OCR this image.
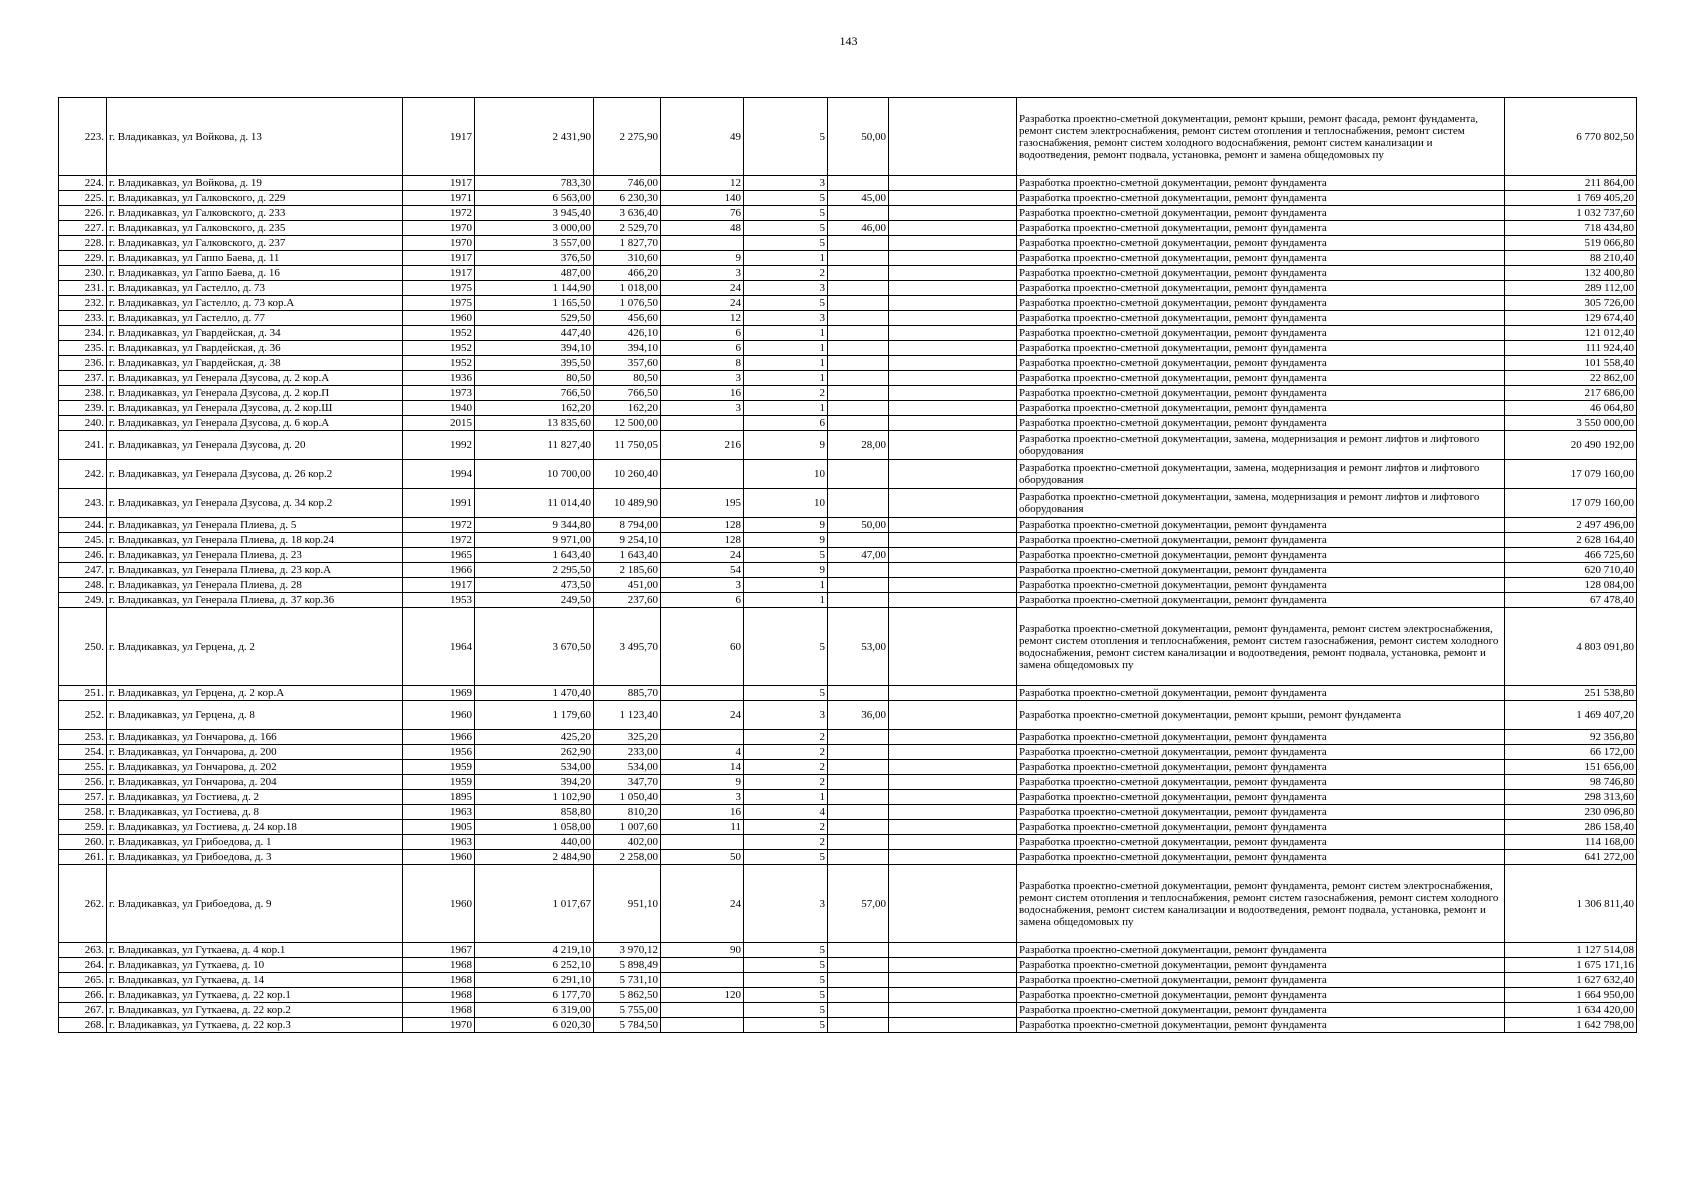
143
223.	г. Владикавказ, ул Войкова, д. 13	1917	2 431,90	2 275,90	49	5	50,00		Разработка проектно-сметной документации, ремонт крыши, ремонт фасада, ремонт фундамента, ремонт систем электроснабжения, ремонт систем отопления и теплоснабжения, ремонт систем газоснабжения, ремонт систем холодного водоснабжения, ремонт систем канализации и водоотведения, ремонт подвала, установка, ремонт и замена общедомовых пу	6 770 802,50
224.	г. Владикавказ, ул Войкова, д. 19	1917	783,30	746,00	12	3			Разработка проектно-сметной документации, ремонт фундамента	211 864,00
225.	г. Владикавказ, ул Галковского, д. 229	1971	6 563,00	6 230,30	140	5	45,00		Разработка проектно-сметной документации, ремонт фундамента	1 769 405,20
226.	г. Владикавказ, ул Галковского, д. 233	1972	3 945,40	3 636,40	76	5			Разработка проектно-сметной документации, ремонт фундамента	1 032 737,60
227.	г. Владикавказ, ул Галковского, д. 235	1970	3 000,00	2 529,70	48	5	46,00		Разработка проектно-сметной документации, ремонт фундамента	718 434,80
228.	г. Владикавказ, ул Галковского, д. 237	1970	3 557,00	1 827,70		5			Разработка проектно-сметной документации, ремонт фундамента	519 066,80
229.	г. Владикавказ, ул Гаппо Баева, д. 11	1917	376,50	310,60	9	1			Разработка проектно-сметной документации, ремонт фундамента	88 210,40
230.	г. Владикавказ, ул Гаппо Баева, д. 16	1917	487,00	466,20	3	2			Разработка проектно-сметной документации, ремонт фундамента	132 400,80
231.	г. Владикавказ, ул Гастелло, д. 73	1975	1 144,90	1 018,00	24	3			Разработка проектно-сметной документации, ремонт фундамента	289 112,00
232.	г. Владикавказ, ул Гастелло, д. 73 кор.А	1975	1 165,50	1 076,50	24	5			Разработка проектно-сметной документации, ремонт фундамента	305 726,00
233.	г. Владикавказ, ул Гастелло, д. 77	1960	529,50	456,60	12	3			Разработка проектно-сметной документации, ремонт фундамента	129 674,40
234.	г. Владикавказ, ул Гвардейская, д. 34	1952	447,40	426,10	6	1			Разработка проектно-сметной документации, ремонт фундамента	121 012,40
235.	г. Владикавказ, ул Гвардейская, д. 36	1952	394,10	394,10	6	1			Разработка проектно-сметной документации, ремонт фундамента	111 924,40
236.	г. Владикавказ, ул Гвардейская, д. 38	1952	395,50	357,60	8	1			Разработка проектно-сметной документации, ремонт фундамента	101 558,40
237.	г. Владикавказ, ул Генерала Дзусова, д. 2 кор.А	1936	80,50	80,50	3	1			Разработка проектно-сметной документации, ремонт фундамента	22 862,00
238.	г. Владикавказ, ул Генерала Дзусова, д. 2 кор.П	1973	766,50	766,50	16	2			Разработка проектно-сметной документации, ремонт фундамента	217 686,00
239.	г. Владикавказ, ул Генерала Дзусова, д. 2 кор.Ш	1940	162,20	162,20	3	1			Разработка проектно-сметной документации, ремонт фундамента	46 064,80
240.	г. Владикавказ, ул Генерала Дзусова, д. 6 кор.А	2015	13 835,60	12 500,00		6			Разработка проектно-сметной документации, ремонт фундамента	3 550 000,00
241.	г. Владикавказ, ул Генерала Дзусова, д. 20	1992	11 827,40	11 750,05	216	9	28,00		Разработка проектно-сметной документации, замена, модернизация и ремонт лифтов и лифтового оборудования	20 490 192,00
242.	г. Владикавказ, ул Генерала Дзусова, д. 26 кор.2	1994	10 700,00	10 260,40		10			Разработка проектно-сметной документации, замена, модернизация и ремонт лифтов и лифтового оборудования	17 079 160,00
243.	г. Владикавказ, ул Генерала Дзусова, д. 34 кор.2	1991	11 014,40	10 489,90	195	10			Разработка проектно-сметной документации, замена, модернизация и ремонт лифтов и лифтового оборудования	17 079 160,00
244.	г. Владикавказ, ул Генерала Плиева, д. 5	1972	9 344,80	8 794,00	128	9	50,00		Разработка проектно-сметной документации, ремонт фундамента	2 497 496,00
245.	г. Владикавказ, ул Генерала Плиева, д. 18 кор.24	1972	9 971,00	9 254,10	128	9			Разработка проектно-сметной документации, ремонт фундамента	2 628 164,40
246.	г. Владикавказ, ул Генерала Плиева, д. 23	1965	1 643,40	1 643,40	24	5	47,00		Разработка проектно-сметной документации, ремонт фундамента	466 725,60
247.	г. Владикавказ, ул Генерала Плиева, д. 23 кор.А	1966	2 295,50	2 185,60	54	9			Разработка проектно-сметной документации, ремонт фундамента	620 710,40
248.	г. Владикавказ, ул Генерала Плиева, д. 28	1917	473,50	451,00	3	1			Разработка проектно-сметной документации, ремонт фундамента	128 084,00
249.	г. Владикавказ, ул Генерала Плиева, д. 37 кор.36	1953	249,50	237,60	6	1			Разработка проектно-сметной документации, ремонт фундамента	67 478,40
250.	г. Владикавказ, ул Герцена, д. 2	1964	3 670,50	3 495,70	60	5	53,00		Разработка проектно-сметной документации, ремонт фундамента, ремонт систем электроснабжения, ремонт систем отопления и теплоснабжения, ремонт систем газоснабжения, ремонт систем холодного водоснабжения, ремонт систем канализации и водоотведения, ремонт подвала, установка, ремонт и замена общедомовых пу	4 803 091,80
251.	г. Владикавказ, ул Герцена, д. 2 кор.А	1969	1 470,40	885,70		5			Разработка проектно-сметной документации, ремонт фундамента	251 538,80
252.	г. Владикавказ, ул Герцена, д. 8	1960	1 179,60	1 123,40	24	3	36,00		Разработка проектно-сметной документации, ремонт крыши, ремонт фундамента	1 469 407,20
253.	г. Владикавказ, ул Гончарова, д. 166	1966	425,20	325,20		2			Разработка проектно-сметной документации, ремонт фундамента	92 356,80
254.	г. Владикавказ, ул Гончарова, д. 200	1956	262,90	233,00	4	2			Разработка проектно-сметной документации, ремонт фундамента	66 172,00
255.	г. Владикавказ, ул Гончарова, д. 202	1959	534,00	534,00	14	2			Разработка проектно-сметной документации, ремонт фундамента	151 656,00
256.	г. Владикавказ, ул Гончарова, д. 204	1959	394,20	347,70	9	2			Разработка проектно-сметной документации, ремонт фундамента	98 746,80
257.	г. Владикавказ, ул Гостиева, д. 2	1895	1 102,90	1 050,40	3	1			Разработка проектно-сметной документации, ремонт фундамента	298 313,60
258.	г. Владикавказ, ул Гостиева, д. 8	1963	858,80	810,20	16	4			Разработка проектно-сметной документации, ремонт фундамента	230 096,80
259.	г. Владикавказ, ул Гостиева, д. 24 кор.18	1905	1 058,00	1 007,60	11	2			Разработка проектно-сметной документации, ремонт фундамента	286 158,40
260.	г. Владикавказ, ул Грибоедова, д. 1	1963	440,00	402,00		2			Разработка проектно-сметной документации, ремонт фундамента	114 168,00
261.	г. Владикавказ, ул Грибоедова, д. 3	1960	2 484,90	2 258,00	50	5			Разработка проектно-сметной документации, ремонт фундамента	641 272,00
262.	г. Владикавказ, ул Грибоедова, д. 9	1960	1 017,67	951,10	24	3	57,00		Разработка проектно-сметной документации, ремонт фундамента, ремонт систем электроснабжения, ремонт систем отопления и теплоснабжения, ремонт систем газоснабжения, ремонт систем холодного водоснабжения, ремонт систем канализации и водоотведения, ремонт подвала, установка, ремонт и замена общедомовых пу	1 306 811,40
263.	г. Владикавказ, ул Гуткаева, д. 4 кор.1	1967	4 219,10	3 970,12	90	5			Разработка проектно-сметной документации, ремонт фундамента	1 127 514,08
264.	г. Владикавказ, ул Гуткаева, д. 10	1968	6 252,10	5 898,49		5			Разработка проектно-сметной документации, ремонт фундамента	1 675 171,16
265.	г. Владикавказ, ул Гуткаева, д. 14	1968	6 291,10	5 731,10		5			Разработка проектно-сметной документации, ремонт фундамента	1 627 632,40
266.	г. Владикавказ, ул Гуткаева, д. 22 кор.1	1968	6 177,70	5 862,50	120	5			Разработка проектно-сметной документации, ремонт фундамента	1 664 950,00
267.	г. Владикавказ, ул Гуткаева, д. 22 кор.2	1968	6 319,00	5 755,00		5			Разработка проектно-сметной документации, ремонт фундамента	1 634 420,00
268.	г. Владикавказ, ул Гуткаева, д. 22 кор.3	1970	6 020,30	5 784,50		5			Разработка проектно-сметной документации, ремонт фундамента	1 642 798,00
